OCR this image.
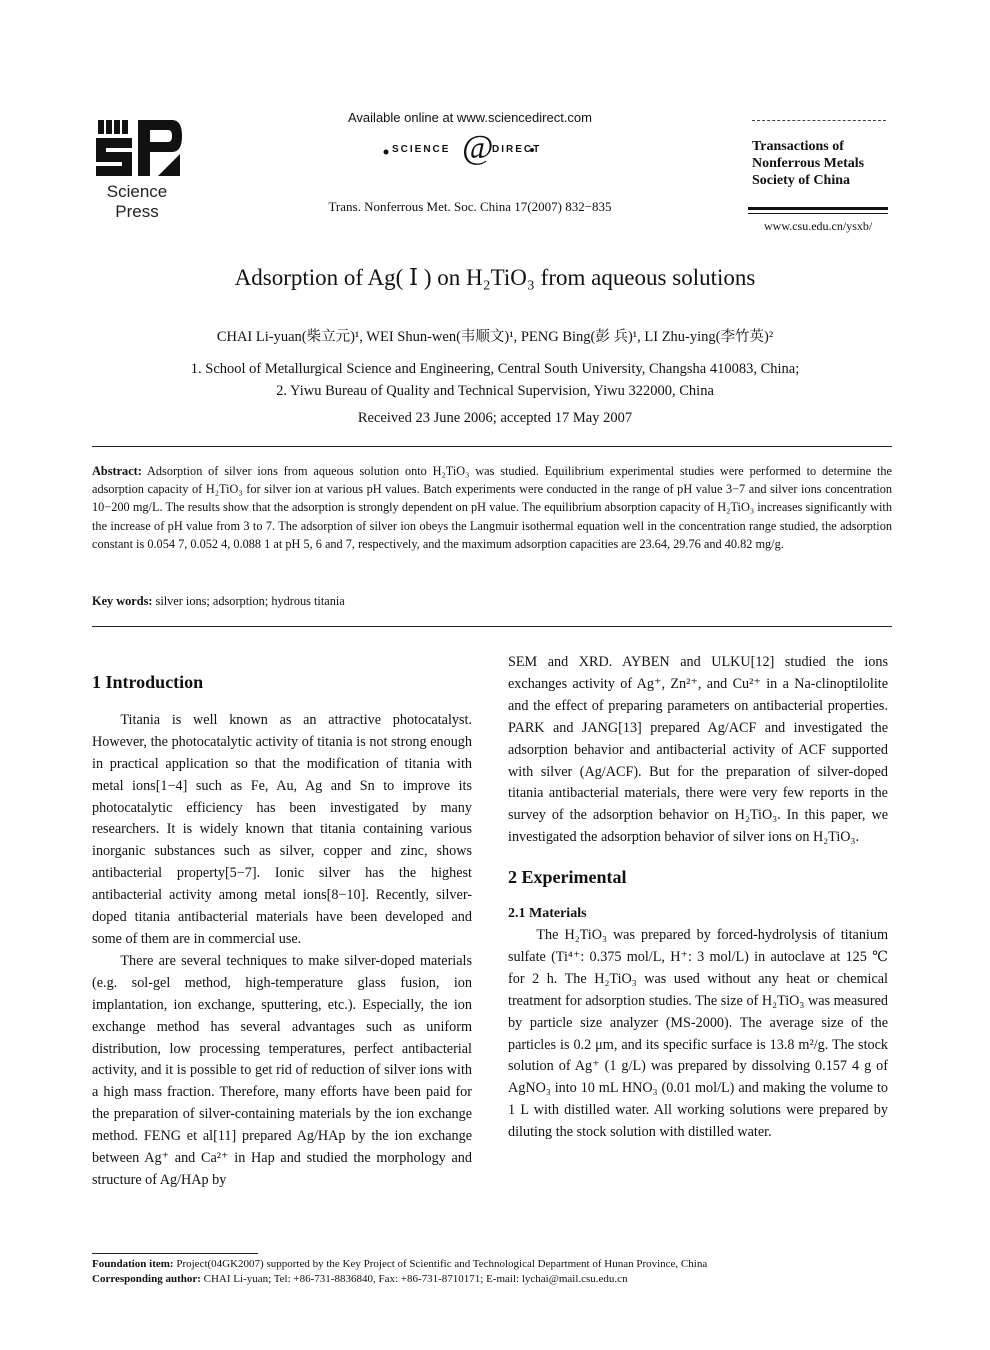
Science
Press
Available online at www.sciencedirect.com
SCIENCE @
DIRECT
Trans. Nonferrous Met. Soc. China 17(2007) 832−835
Transactions of
Nonferrous Metals
Society of China
www.csu.edu.cn/ysxb/
Adsorption of Ag( Ⅰ ) on H₂TiO₃ from aqueous solutions
CHAI Li-yuan(柴立元)¹, WEI Shun-wen(韦顺文)¹, PENG Bing(彭 兵)¹, LI Zhu-ying(李竹英)²
1. School of Metallurgical Science and Engineering, Central South University, Changsha 410083, China;
2. Yiwu Bureau of Quality and Technical Supervision, Yiwu 322000, China
Received 23 June 2006; accepted 17 May 2007
Abstract: Adsorption of silver ions from aqueous solution onto H₂TiO₃ was studied. Equilibrium experimental studies were performed to determine the adsorption capacity of H₂TiO₃ for silver ion at various pH values. Batch experiments were conducted in the range of pH value 3−7 and silver ions concentration 10−200 mg/L. The results show that the adsorption is strongly dependent on pH value. The equilibrium absorption capacity of H₂TiO₃ increases significantly with the increase of pH value from 3 to 7. The adsorption of silver ion obeys the Langmuir isothermal equation well in the concentration range studied, the adsorption constant is 0.054 7, 0.052 4, 0.088 1 at pH 5, 6 and 7, respectively, and the maximum adsorption capacities are 23.64, 29.76 and 40.82 mg/g.
Key words: silver ions; adsorption; hydrous titania

1 Introduction

Titania is well known as an attractive photocatalyst. However, the photocatalytic activity of titania is not strong enough in practical application so that the modification of titania with metal ions[1−4] such as Fe, Au, Ag and Sn to improve its photocatalytic efficiency has been investigated by many researchers. It is widely known that titania containing various inorganic substances such as silver, copper and zinc, shows antibacterial property[5−7]. Ionic silver has the highest antibacterial activity among metal ions[8−10]. Recently, silver-doped titania antibacterial materials have been developed and some of them are in commercial use.

There are several techniques to make silver-doped materials (e.g. sol-gel method, high-temperature glass fusion, ion implantation, ion exchange, sputtering, etc.). Especially, the ion exchange method has several advantages such as uniform distribution, low processing temperatures, perfect antibacterial activity, and it is possible to get rid of reduction of silver ions with a high mass fraction. Therefore, many efforts have been paid for the preparation of silver-containing materials by the ion exchange method. FENG et al[11] prepared Ag/HAp by the ion exchange between Ag⁺ and Ca²⁺ in Hap and studied the morphology and structure of Ag/HAp by

SEM and XRD. AYBEN and ULKU[12] studied the ions exchanges activity of Ag⁺, Zn²⁺, and Cu²⁺ in a Na-clinoptilolite and the effect of preparing parameters on antibacterial properties. PARK and JANG[13] prepared Ag/ACF and investigated the adsorption behavior and antibacterial activity of ACF supported with silver (Ag/ACF). But for the preparation of silver-doped titania antibacterial materials, there were very few reports in the survey of the adsorption behavior on H₂TiO₃. In this paper, we investigated the adsorption behavior of silver ions on H₂TiO₃.

2 Experimental

2.1 Materials

The H₂TiO₃ was prepared by forced-hydrolysis of titanium sulfate (Ti⁴⁺: 0.375 mol/L, H⁺: 3 mol/L) in autoclave at 125 ℃ for 2 h. The H₂TiO₃ was used without any heat or chemical treatment for adsorption studies. The size of H₂TiO₃ was measured by particle size analyzer (MS-2000). The average size of the particles is 0.2 μm, and its specific surface is 13.8 m²/g. The stock solution of Ag⁺ (1 g/L) was prepared by dissolving 0.157 4 g of AgNO₃ into 10 mL HNO₃ (0.01 mol/L) and making the volume to 1 L with distilled water. All working solutions were prepared by diluting the stock solution with distilled water.

Foundation item: Project(04GK2007) supported by the Key Project of Scientific and Technological Department of Hunan Province, China
Corresponding author: CHAI Li-yuan; Tel: +86-731-8836840, Fax: +86-731-8710171; E-mail: lychai@mail.csu.edu.cn
